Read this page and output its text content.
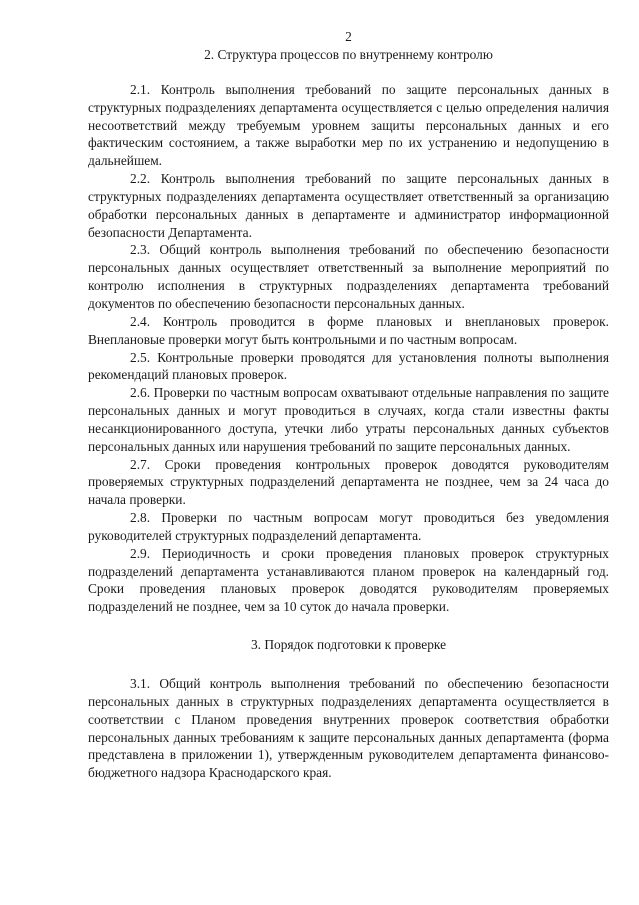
2

2. Структура процессов по внутреннему контролю

2.1. Контроль выполнения требований по защите персональных данных в структурных подразделениях департамента осуществляется с целью определения наличия несоответствий между требуемым уровнем защиты персональных данных и его фактическим состоянием, а также выработки мер по их устранению и недопущению в дальнейшем.

2.2. Контроль выполнения требований по защите персональных данных в структурных подразделениях департамента осуществляет ответственный за организацию обработки персональных данных в департаменте и администратор информационной безопасности Департамента.

2.3. Общий контроль выполнения требований по обеспечению безопасности персональных данных осуществляет ответственный за выполнение мероприятий по контролю исполнения в структурных подразделениях департамента требований документов по обеспечению безопасности персональных данных.

2.4. Контроль проводится в форме плановых и внеплановых проверок. Внеплановые проверки могут быть контрольными и по частным вопросам.

2.5. Контрольные проверки проводятся для установления полноты выполнения рекомендаций плановых проверок.

2.6. Проверки по частным вопросам охватывают отдельные направления по защите персональных данных и могут проводиться в случаях, когда стали известны факты несанкционированного доступа, утечки либо утраты персональных данных субъектов персональных данных или нарушения требований по защите персональных данных.

2.7. Сроки проведения контрольных проверок доводятся руководителям проверяемых структурных подразделений департамента не позднее, чем за 24 часа до начала проверки.

2.8. Проверки по частным вопросам могут проводиться без уведомления руководителей структурных подразделений департамента.

2.9. Периодичность и сроки проведения плановых проверок структурных подразделений департамента устанавливаются планом проверок на календарный год. Сроки проведения плановых проверок доводятся руководителям проверяемых подразделений не позднее, чем за 10 суток до начала проверки.

3. Порядок подготовки к проверке

3.1. Общий контроль выполнения требований по обеспечению безопасности персональных данных в структурных подразделениях департамента осуществляется в соответствии с Планом проведения внутренних проверок соответствия обработки персональных данных требованиям к защите персональных данных департамента (форма представлена в приложении 1), утвержденным руководителем департамента финансово-бюджетного надзора Краснодарского края.
